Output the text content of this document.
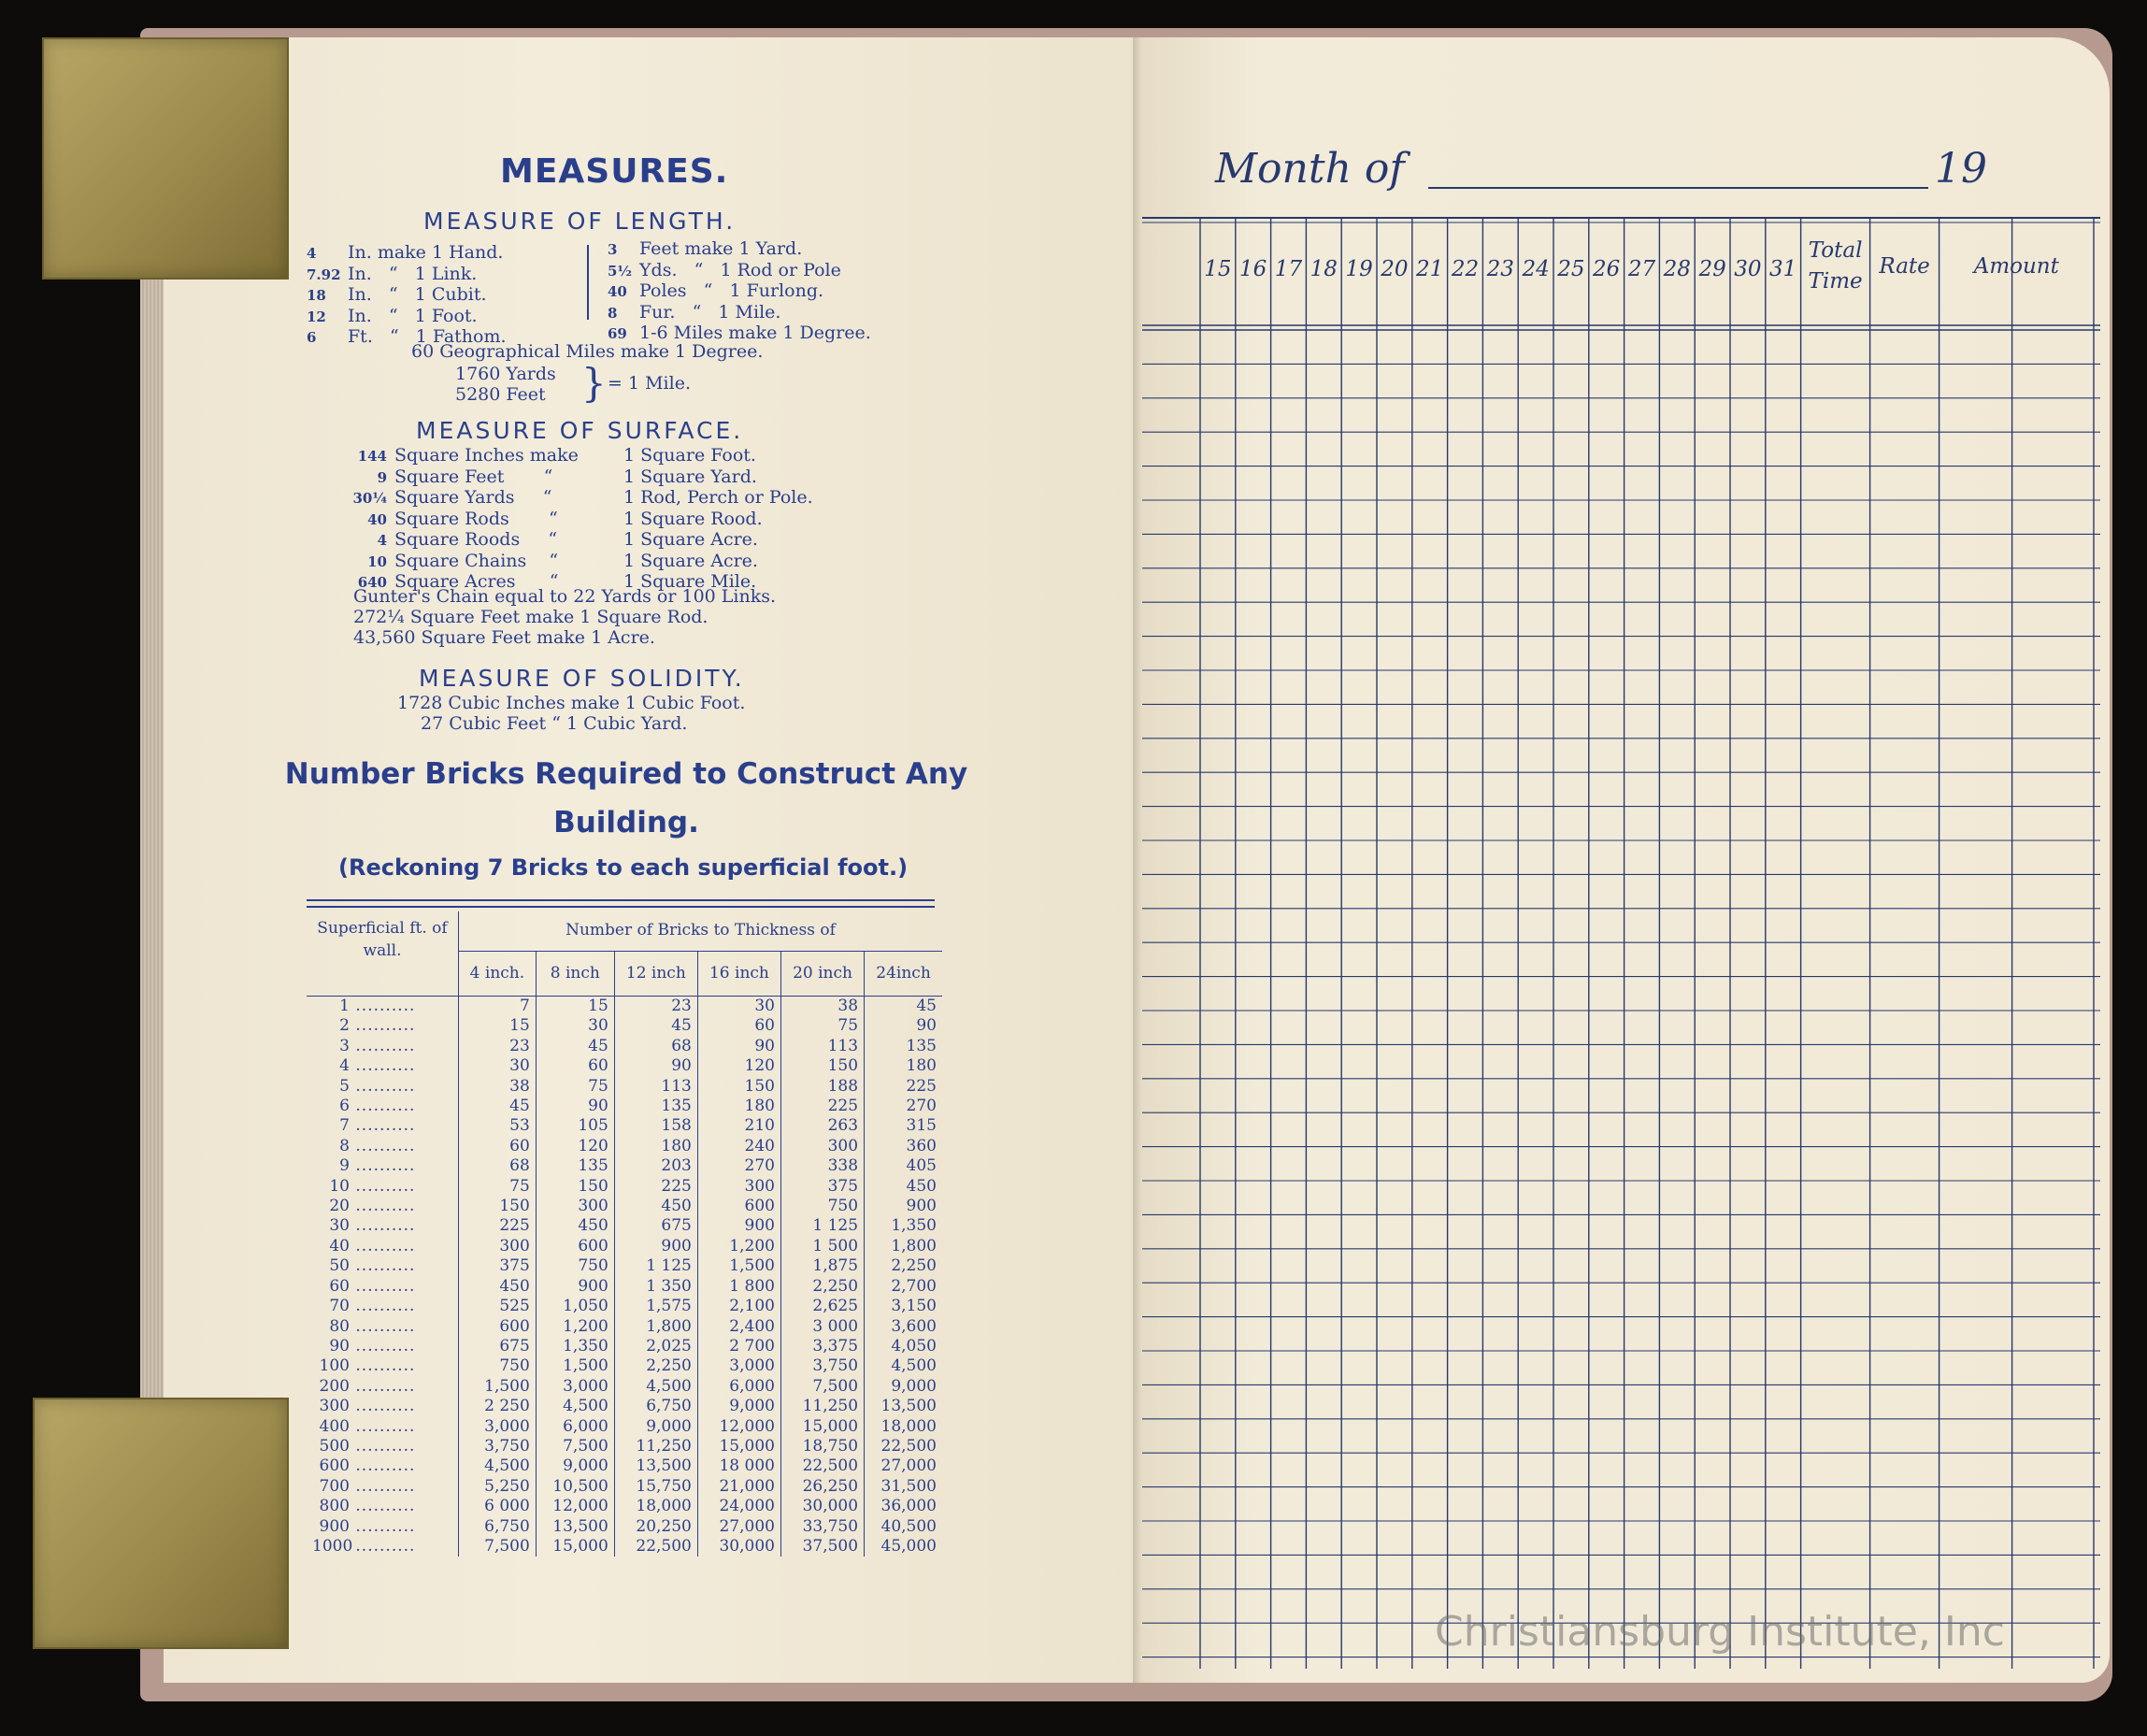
MEASURES.
MEASURE OF LENGTH.
4 In. make 1 Hand.
7.92 In.   “   1 Link.
18 In.   “   1 Cubit.
12 In.   “   1 Foot.
6 Ft.   “   1 Fathom.
3 Feet make 1 Yard.
5½ Yds.   “   1 Rod or Pole
40 Poles   “   1 Furlong.
8 Fur.   “   1 Mile.
69 1-6 Miles make 1 Degree.
60 Geographical Miles make 1 Degree.
1760 Yards
5280 Feet } = 1 Mile.
MEASURE OF SURFACE.
144 Square Inches make	1 Square Foot.
9 Square Feet       “	1 Square Yard.
30¼ Square Yards     “	1 Rod, Perch or Pole.
40 Square Rods       “	1 Square Rood.
4 Square Roods     “	1 Square Acre.
10 Square Chains    “	1 Square Acre.
640 Square Acres      “	1 Square Mile.
Gunter's Chain equal to 22 Yards or 100 Links.
272¼ Square Feet make 1 Square Rod.
43,560 Square Feet make 1 Acre.
MEASURE OF SOLIDITY.
1728 Cubic Inches make 1 Cubic Foot.
27 Cubic Feet “ 1 Cubic Yard.
Number Bricks Required to Construct Any
Building.
(Reckoning 7 Bricks to each superficial foot.)
Superficial ft. of wall.	Number of Bricks to Thickness of					
	4 inch.	8 inch	12 inch	16 inch	20 inch	24inch
1 ..........	7	15	23	30	38	45
2 ..........	15	30	45	60	75	90
3 ..........	23	45	68	90	113	135
4 ..........	30	60	90	120	150	180
5 ..........	38	75	113	150	188	225
6 ..........	45	90	135	180	225	270
7 ..........	53	105	158	210	263	315
8 ..........	60	120	180	240	300	360
9 ..........	68	135	203	270	338	405
10 ..........	75	150	225	300	375	450
20 ..........	150	300	450	600	750	900
30 ..........	225	450	675	900	1 125	1,350
40 ..........	300	600	900	1,200	1 500	1,800
50 ..........	375	750	1 125	1,500	1,875	2,250
60 ..........	450	900	1 350	1 800	2,250	2,700
70 ..........	525	1,050	1,575	2,100	2,625	3,150
80 ..........	600	1,200	1,800	2,400	3 000	3,600
90 ..........	675	1,350	2,025	2 700	3,375	4,050
100 ..........	750	1,500	2,250	3,000	3,750	4,500
200 ..........	1,500	3,000	4,500	6,000	7,500	9,000
300 ..........	2 250	4,500	6,750	9,000	11,250	13,500
400 ..........	3,000	6,000	9,000	12,000	15,000	18,000
500 ..........	3,750	7,500	11,250	15,000	18,750	22,500
600 ..........	4,500	9,000	13,500	18 000	22,500	27,000
700 ..........	5,250	10,500	15,750	21,000	26,250	31,500
800 ..........	6 000	12,000	18,000	24,000	30,000	36,000
900 ..........	6,750	13,500	20,250	27,000	33,750	40,500
1000 ..........	7,500	15,000	22,500	30,000	37,500	45,000
Month of	19
15 16 17 18 19 20 21 22 23 24 25 26 27 28 29 30 31
Total
Time
Rate	Amount
Christiansburg Institute, Inc
